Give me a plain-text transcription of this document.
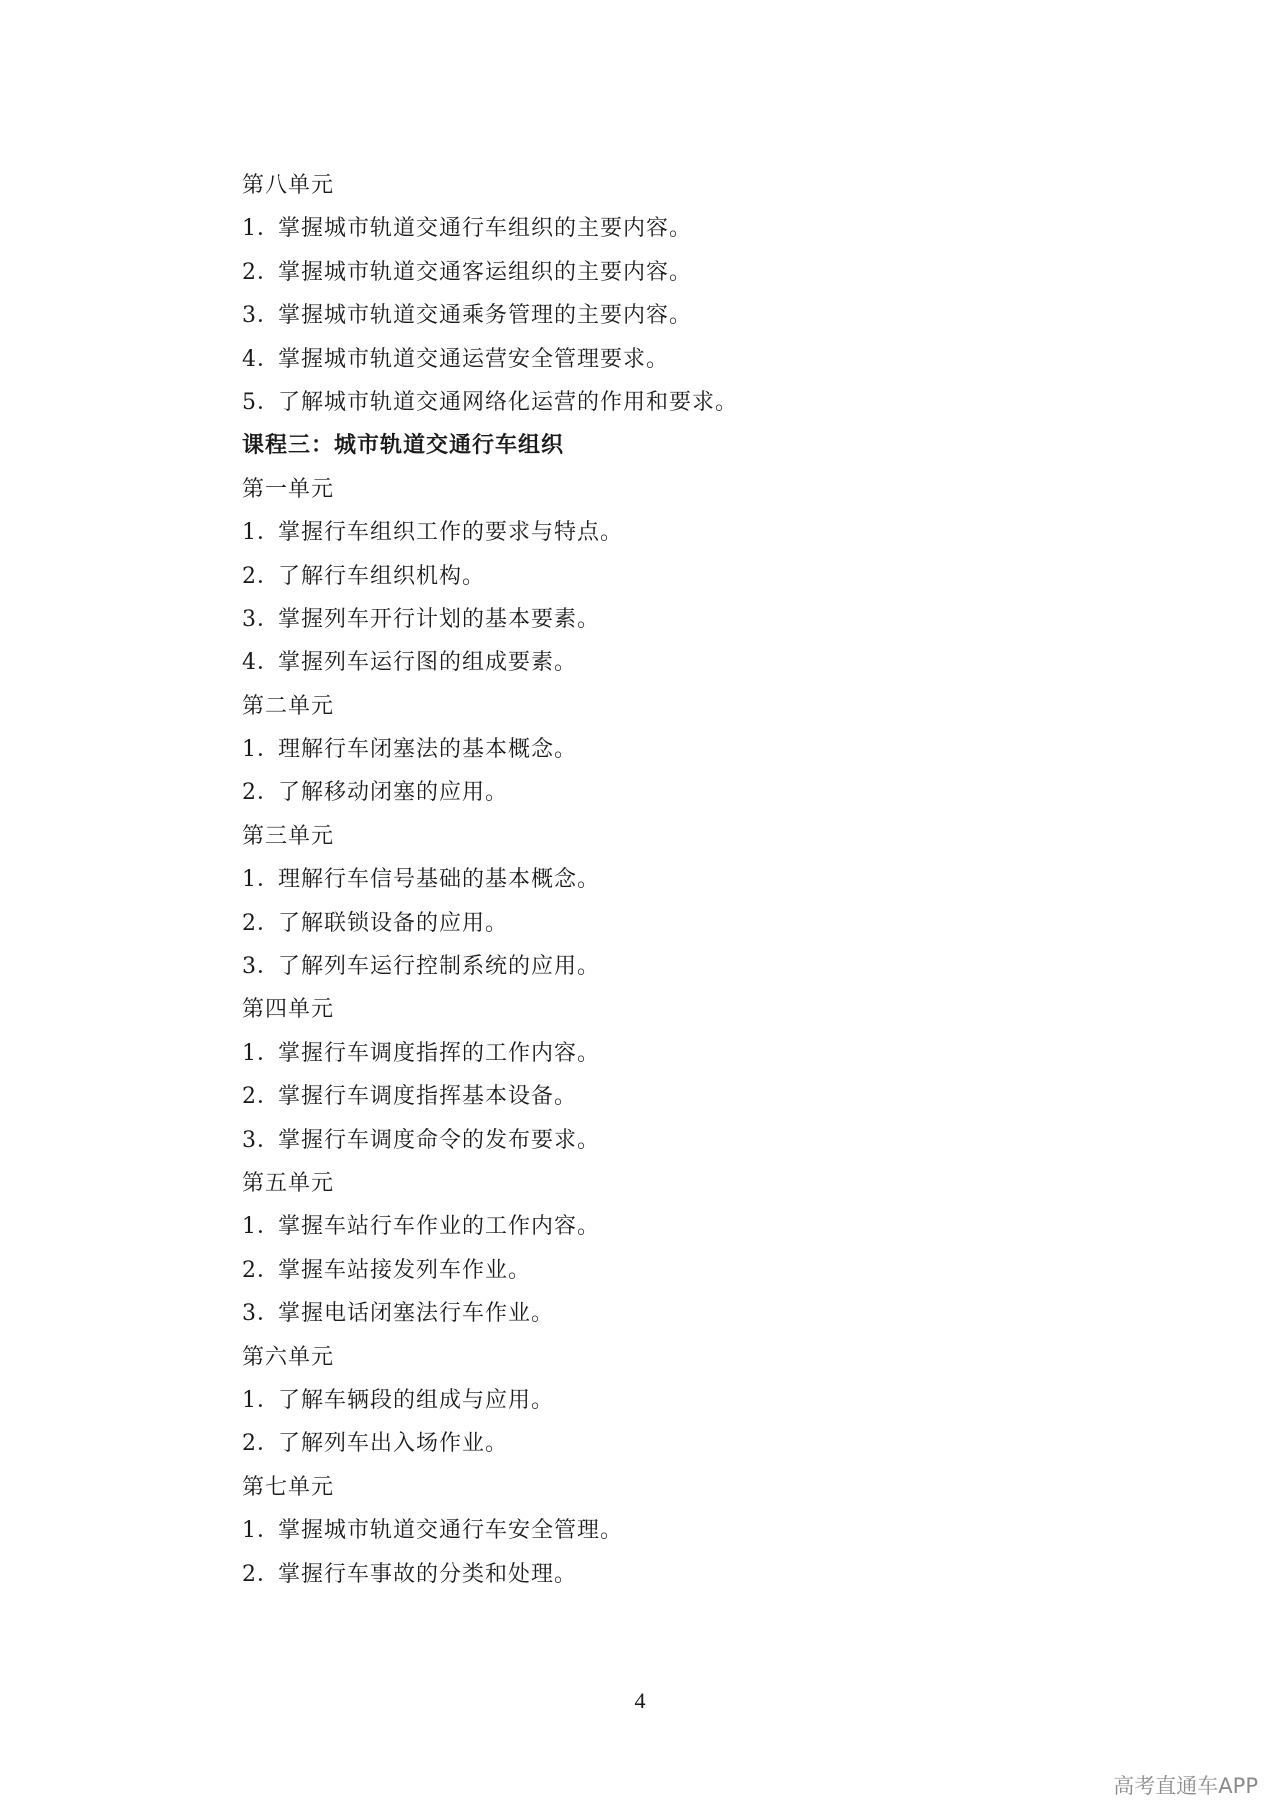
第八单元
1．掌握城市轨道交通行车组织的主要内容。
2．掌握城市轨道交通客运组织的主要内容。
3．掌握城市轨道交通乘务管理的主要内容。
4．掌握城市轨道交通运营安全管理要求。
5．了解城市轨道交通网络化运营的作用和要求。
课程三：城市轨道交通行车组织
第一单元
1．掌握行车组织工作的要求与特点。
2．了解行车组织机构。
3．掌握列车开行计划的基本要素。
4．掌握列车运行图的组成要素。
第二单元
1．理解行车闭塞法的基本概念。
2．了解移动闭塞的应用。
第三单元
1．理解行车信号基础的基本概念。
2．了解联锁设备的应用。
3．了解列车运行控制系统的应用。
第四单元
1．掌握行车调度指挥的工作内容。
2．掌握行车调度指挥基本设备。
3．掌握行车调度命令的发布要求。
第五单元
1．掌握车站行车作业的工作内容。
2．掌握车站接发列车作业。
3．掌握电话闭塞法行车作业。
第六单元
1．了解车辆段的组成与应用。
2．了解列车出入场作业。
第七单元
1．掌握城市轨道交通行车安全管理。
2．掌握行车事故的分类和处理。
4
高考直通车APP
